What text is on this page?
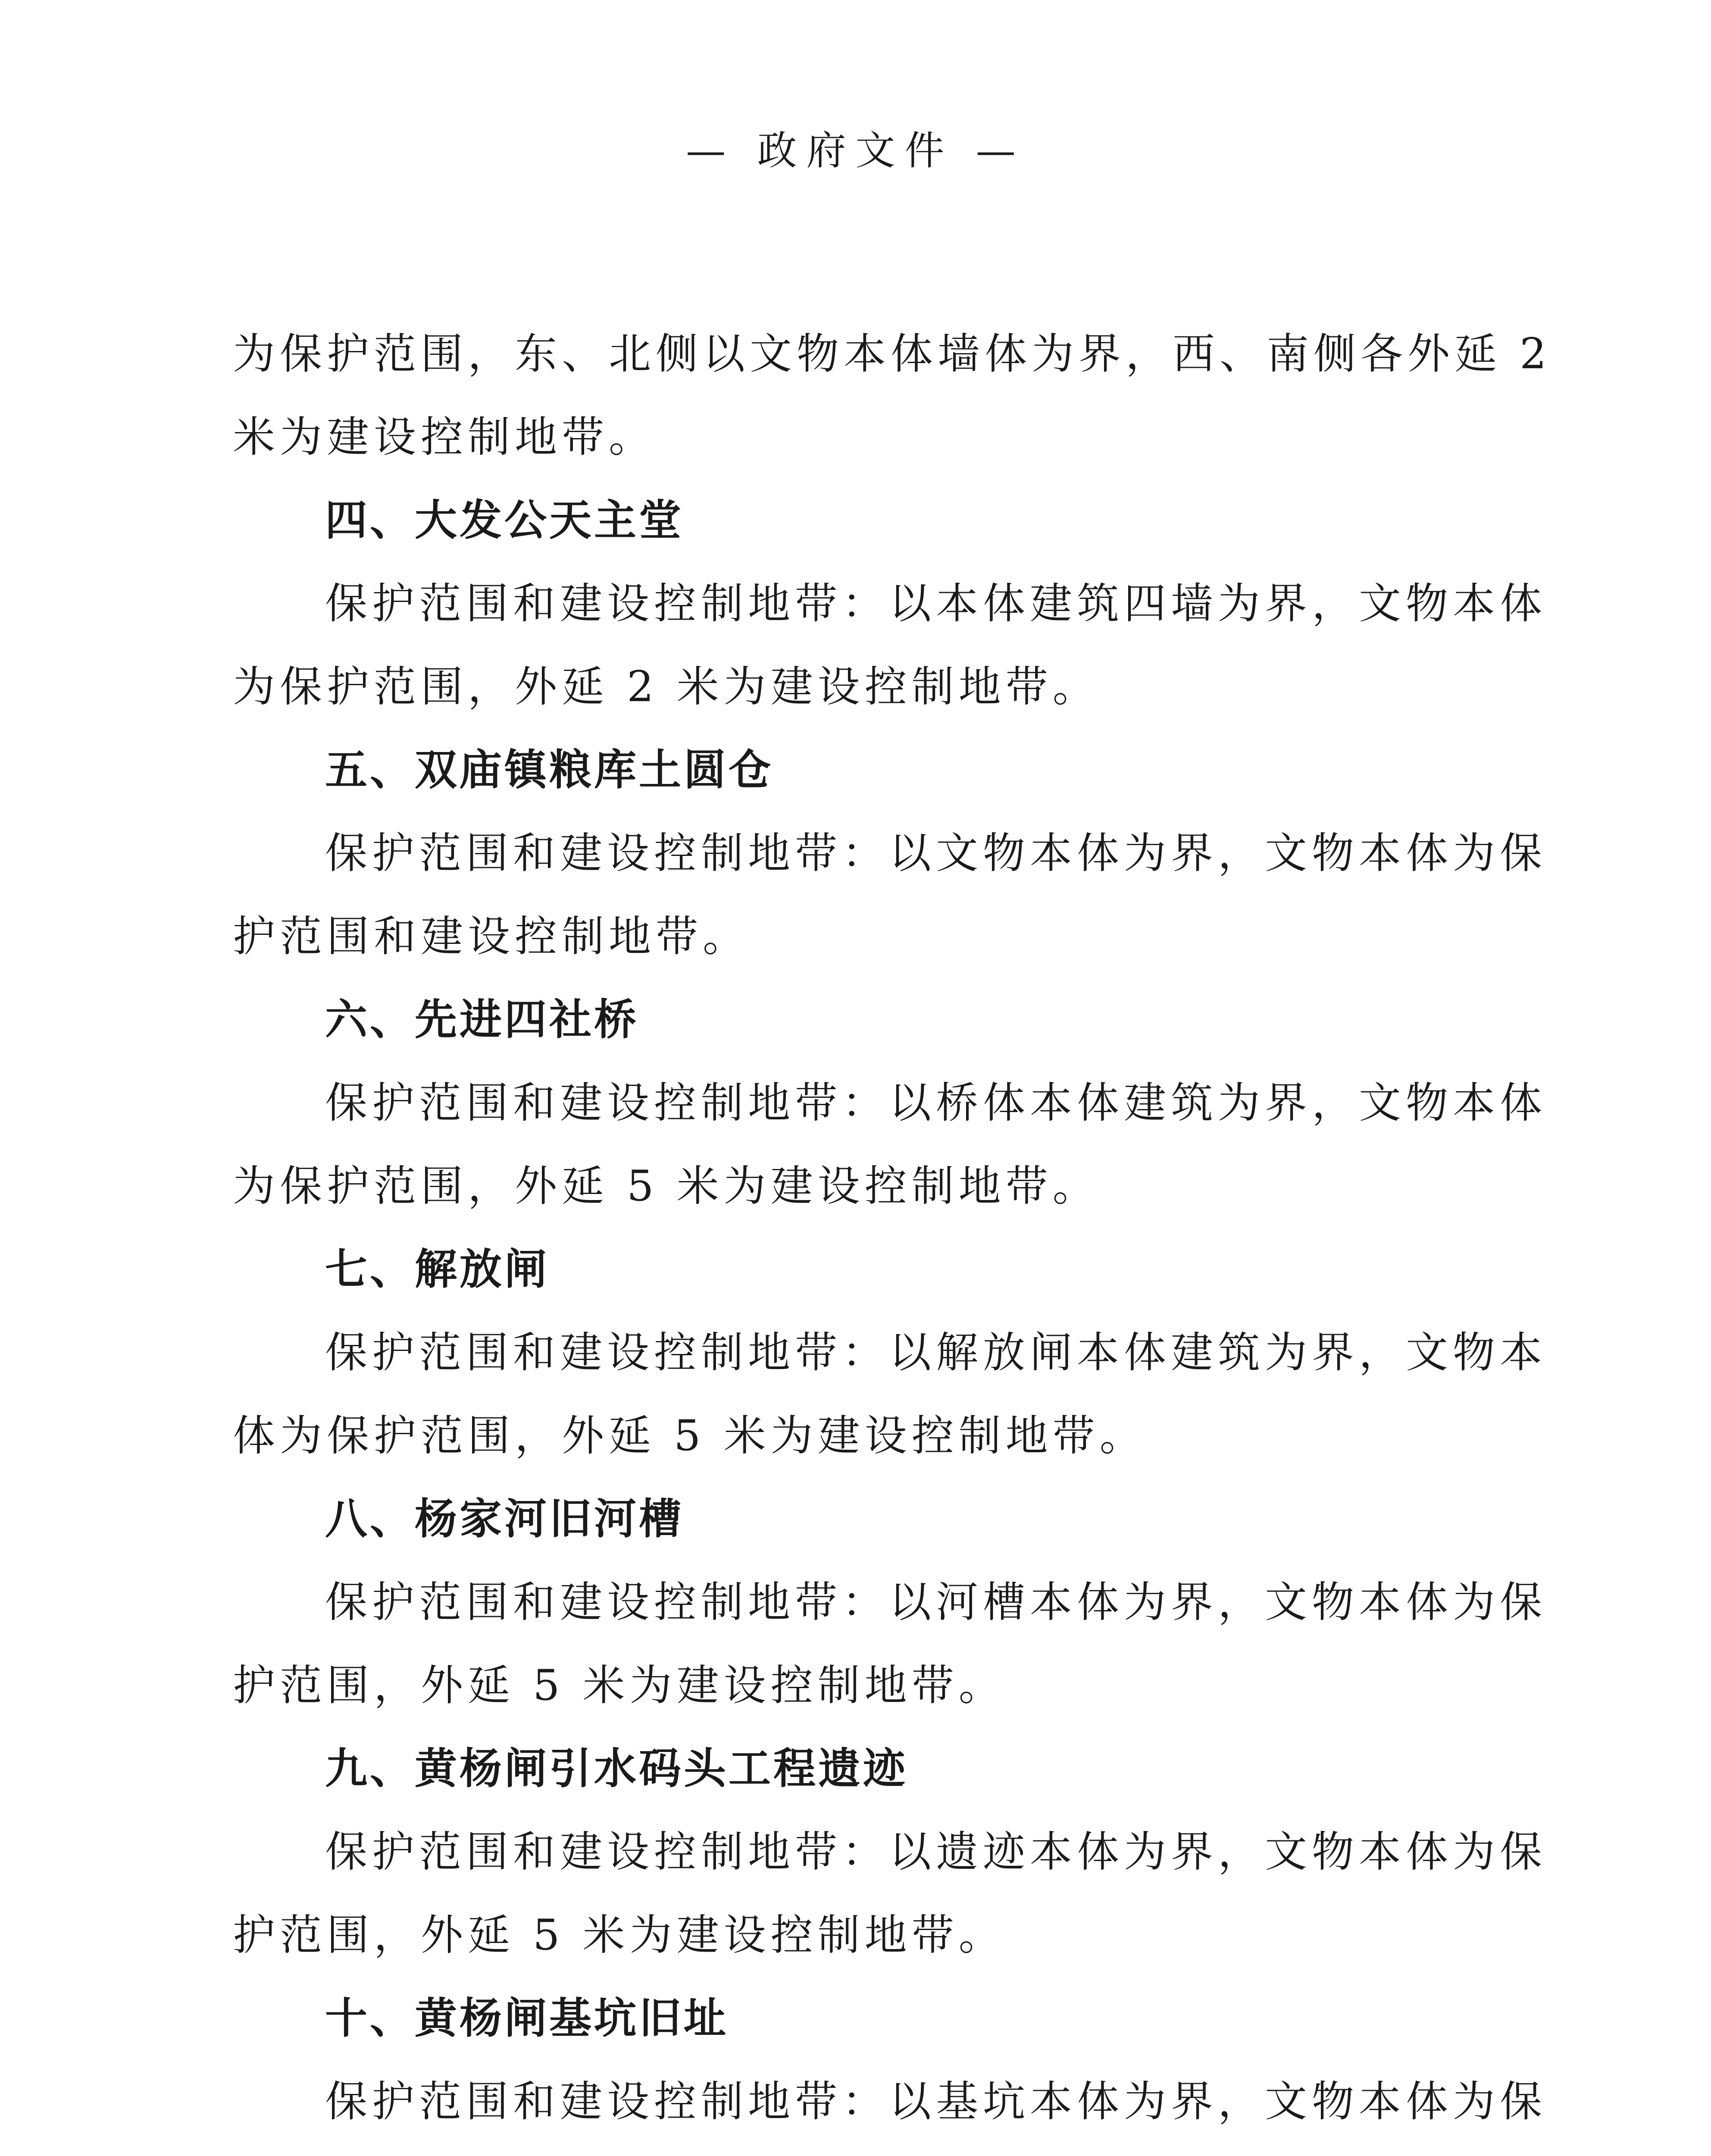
— 政府文件 —
为保护范围，东、北侧以文物本体墙体为界，西、南侧各外延 2
米为建设控制地带。
四、大发公天主堂
保护范围和建设控制地带：以本体建筑四墙为界，文物本体
为保护范围，外延 2 米为建设控制地带。
五、双庙镇粮库土圆仓
保护范围和建设控制地带：以文物本体为界，文物本体为保
护范围和建设控制地带。
六、先进四社桥
保护范围和建设控制地带：以桥体本体建筑为界，文物本体
为保护范围，外延 5 米为建设控制地带。
七、解放闸
保护范围和建设控制地带：以解放闸本体建筑为界，文物本
体为保护范围，外延 5 米为建设控制地带。
八、杨家河旧河槽
保护范围和建设控制地带：以河槽本体为界，文物本体为保
护范围，外延 5 米为建设控制地带。
九、黄杨闸引水码头工程遗迹
保护范围和建设控制地带：以遗迹本体为界，文物本体为保
护范围，外延 5 米为建设控制地带。
十、黄杨闸基坑旧址
保护范围和建设控制地带：以基坑本体为界，文物本体为保
